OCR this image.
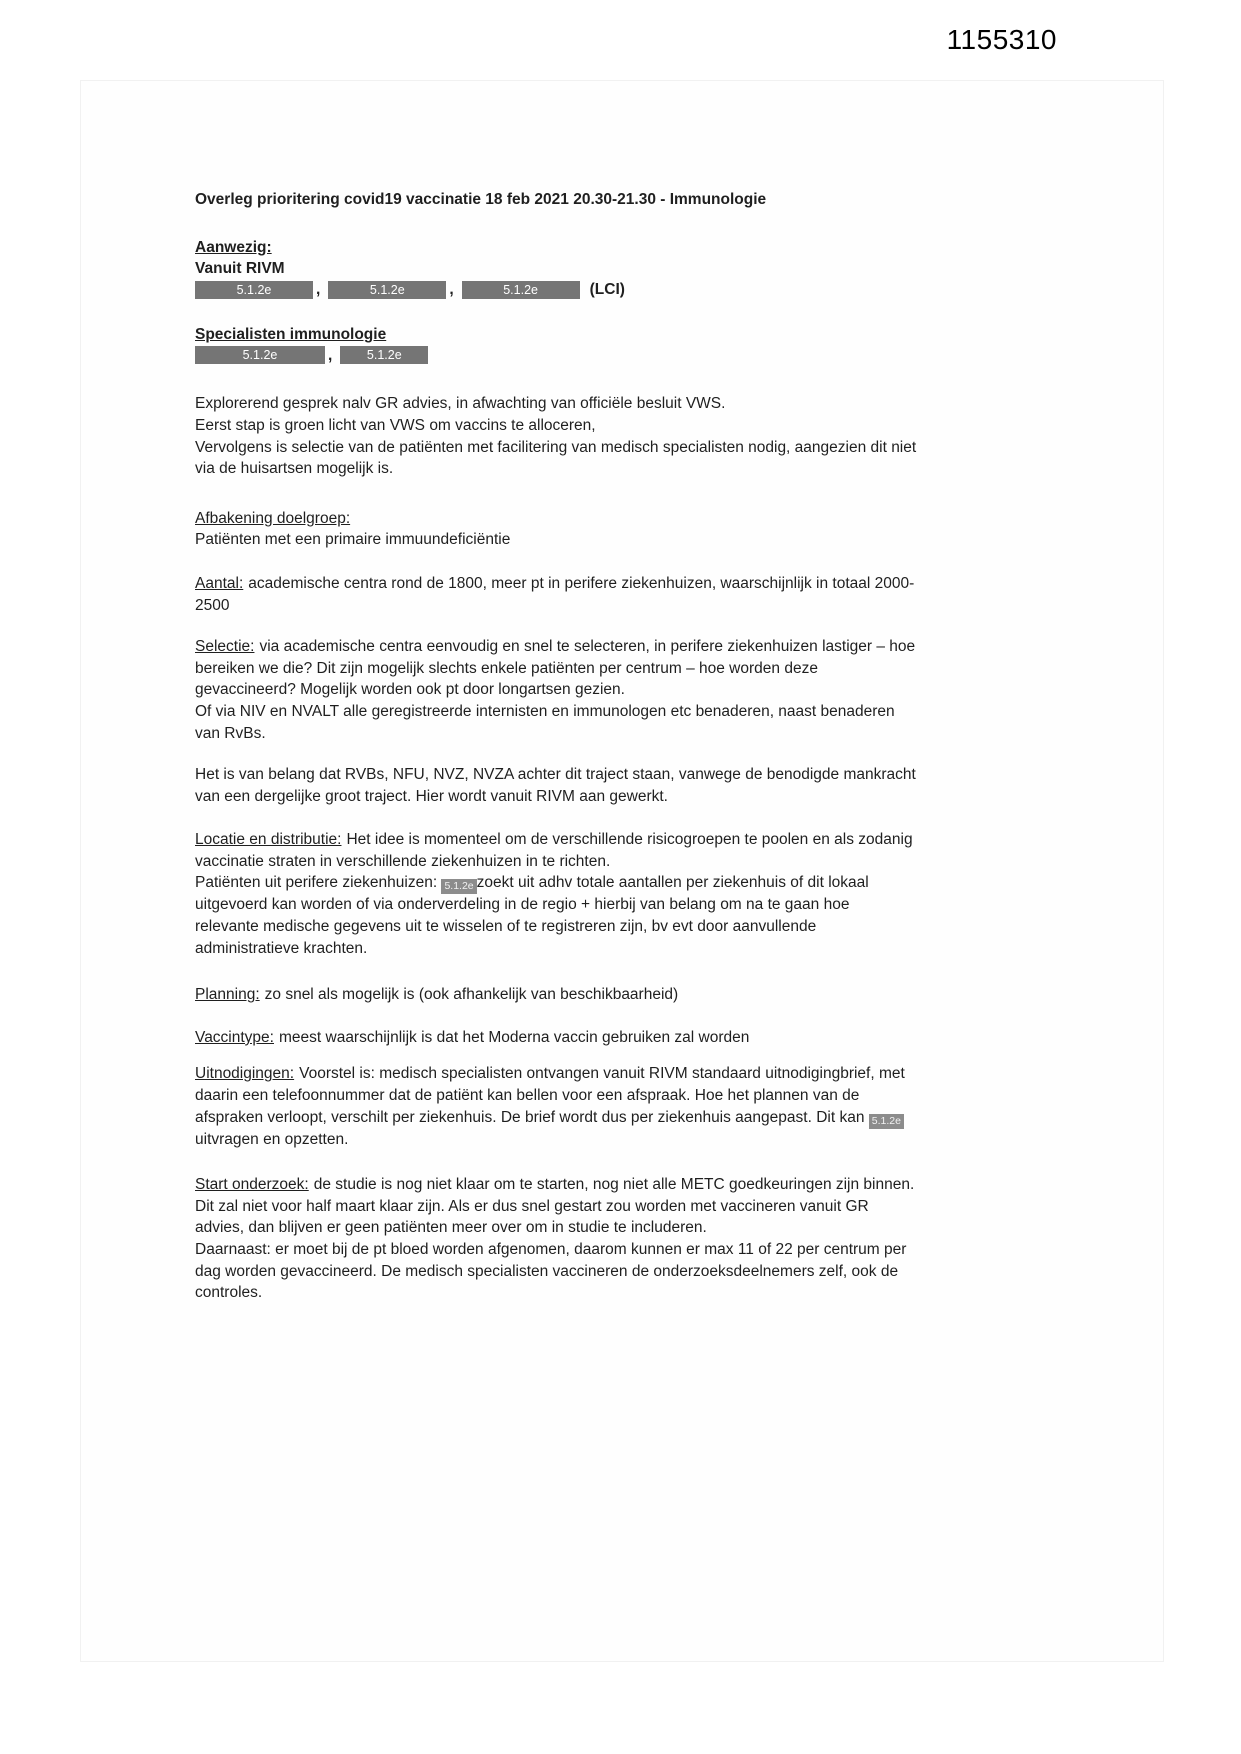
1155310
Overleg prioritering covid19 vaccinatie 18 feb 2021 20.30-21.30 - Immunologie
Aanwezig:
Vanuit RIVM
5.1.2e	,	5.1.2e	,	5.1.2e	(LCI)
Specialisten immunologie
5.1.2e	,	5.1.2e
Explorerend gesprek nalv GR advies, in afwachting van officiële besluit VWS.
Eerst stap is groen licht van VWS om vaccins te alloceren,
Vervolgens is selectie van de patiënten met facilitering van medisch specialisten nodig, aangezien dit niet via de huisartsen mogelijk is.
Afbakening doelgroep:
Patiënten met een primaire immuundeficiëntie
Aantal: academische centra rond de 1800, meer pt in perifere ziekenhuizen, waarschijnlijk in totaal 2000-2500
Selectie: via academische centra eenvoudig en snel te selecteren, in perifere ziekenhuizen lastiger – hoe bereiken we die? Dit zijn mogelijk slechts enkele patiënten per centrum – hoe worden deze gevaccineerd? Mogelijk worden ook pt door longartsen gezien.
Of via NIV en NVALT alle geregistreerde internisten en immunologen etc benaderen, naast benaderen van RvBs.
Het is van belang dat RVBs, NFU, NVZ, NVZA achter dit traject staan, vanwege de benodigde mankracht van een dergelijke groot traject. Hier wordt vanuit RIVM aan gewerkt.
Locatie en distributie: Het idee is momenteel om de verschillende risicogroepen te poolen en als zodanig vaccinatie straten in verschillende ziekenhuizen in te richten.
Patiënten uit perifere ziekenhuizen: 5.1.2e zoekt uit adhv totale aantallen per ziekenhuis of dit lokaal uitgevoerd kan worden of via onderverdeling in de regio + hierbij van belang om na te gaan hoe relevante medische gegevens uit te wisselen of te registreren zijn, bv evt door aanvullende administratieve krachten.
Planning: zo snel als mogelijk is (ook afhankelijk van beschikbaarheid)
Vaccintype: meest waarschijnlijk is dat het Moderna vaccin gebruiken zal worden
Uitnodigingen: Voorstel is: medisch specialisten ontvangen vanuit RIVM standaard uitnodigingbrief, met daarin een telefoonnummer dat de patiënt kan bellen voor een afspraak. Hoe het plannen van de afspraken verloopt, verschilt per ziekenhuis. De brief wordt dus per ziekenhuis aangepast. Dit kan 5.1.2e uitvragen en opzetten.
Start onderzoek: de studie is nog niet klaar om te starten, nog niet alle METC goedkeuringen zijn binnen. Dit zal niet voor half maart klaar zijn. Als er dus snel gestart zou worden met vaccineren vanuit GR advies, dan blijven er geen patiënten meer over om in studie te includeren.
Daarnaast: er moet bij de pt bloed worden afgenomen, daarom kunnen er max 11 of 22 per centrum per dag worden gevaccineerd. De medisch specialisten vaccineren de onderzoeksdeelnemers zelf, ook de controles.
